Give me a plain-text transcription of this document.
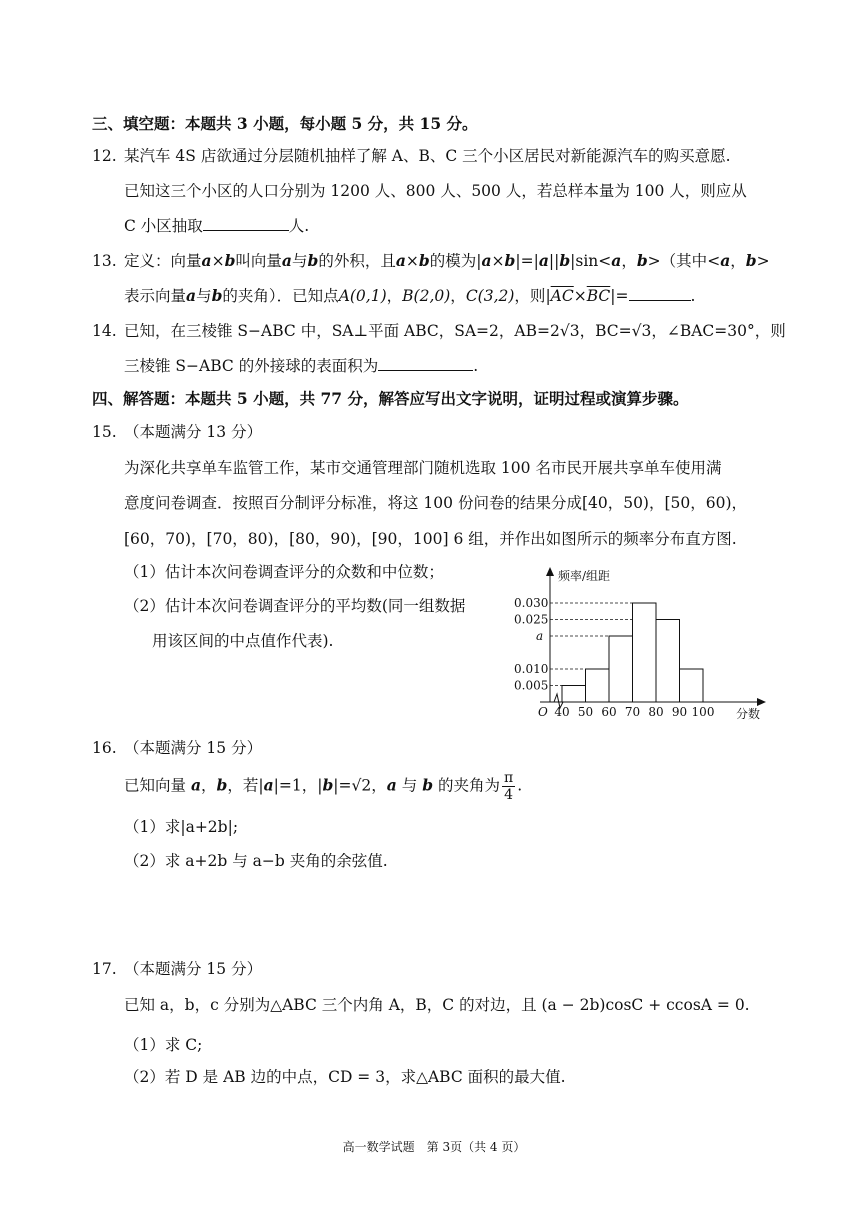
三、填空题：本题共 3 小题，每小题 5 分，共 15 分。
12. 某汽车 4S 店欲通过分层随机抽样了解 A、B、C 三个小区居民对新能源汽车的购买意愿.
已知这三个小区的人口分别为 1200 人、800 人、500 人，若总样本量为 100 人，则应从
C 小区抽取	人.
13. 定义：向量a×b叫向量a与b的外积，且a×b的模为|a×b|=|a||b|sin<a，b>（其中<a，b>
表示向量a与b的夹角）．已知点A(0,1)，B(2,0)，C(3,2)，则$|\overline{AC}\times\overline{BC}|=$	.
14. 已知，在三棱锥 S−ABC 中，SA⊥平面 ABC，SA=2，AB=2√3，BC=√3，∠BAC=30°，则
三棱锥 S−ABC 的外接球的表面积为	.
四、解答题：本题共 5 小题，共 77 分，解答应写出文字说明，证明过程或演算步骤。
15. （本题满分 13 分）
为深化共享单车监管工作，某市交通管理部门随机选取 100 名市民开展共享单车使用满
意度问卷调查．按照百分制评分标准，将这 100 份问卷的结果分成[40，50)，[50，60)，
[60，70)，[70，80)，[80，90)，[90，100] 6 组，并作出如图所示的频率分布直方图.
（1）估计本次问卷调查评分的众数和中位数；
（2）估计本次问卷调查评分的平均数(同一组数据
用该区间的中点值作代表).
频率/组距
分数
O
0.030
0.025
a
0.010
0.005
40 50 60 70 80 90 100
16. （本题满分 15 分）
已知向量 a，b，若|a|=1，|b|=√2，a 与 b 的夹角为 $\frac{\pi}{4}$ .
（1）求|a+2b|;
（2）求 a+2b 与 a−b 夹角的余弦值.
17. （本题满分 15 分）
已知 a，b，c 分别为△ABC 三个内角 A，B，C 的对边，且 (a − 2b)cosC + ccosA = 0.
（1）求 C;
（2）若 D 是 AB 边的中点，CD = 3，求△ABC 面积的最大值.
高一数学试题　第 3页（共 4 页）
